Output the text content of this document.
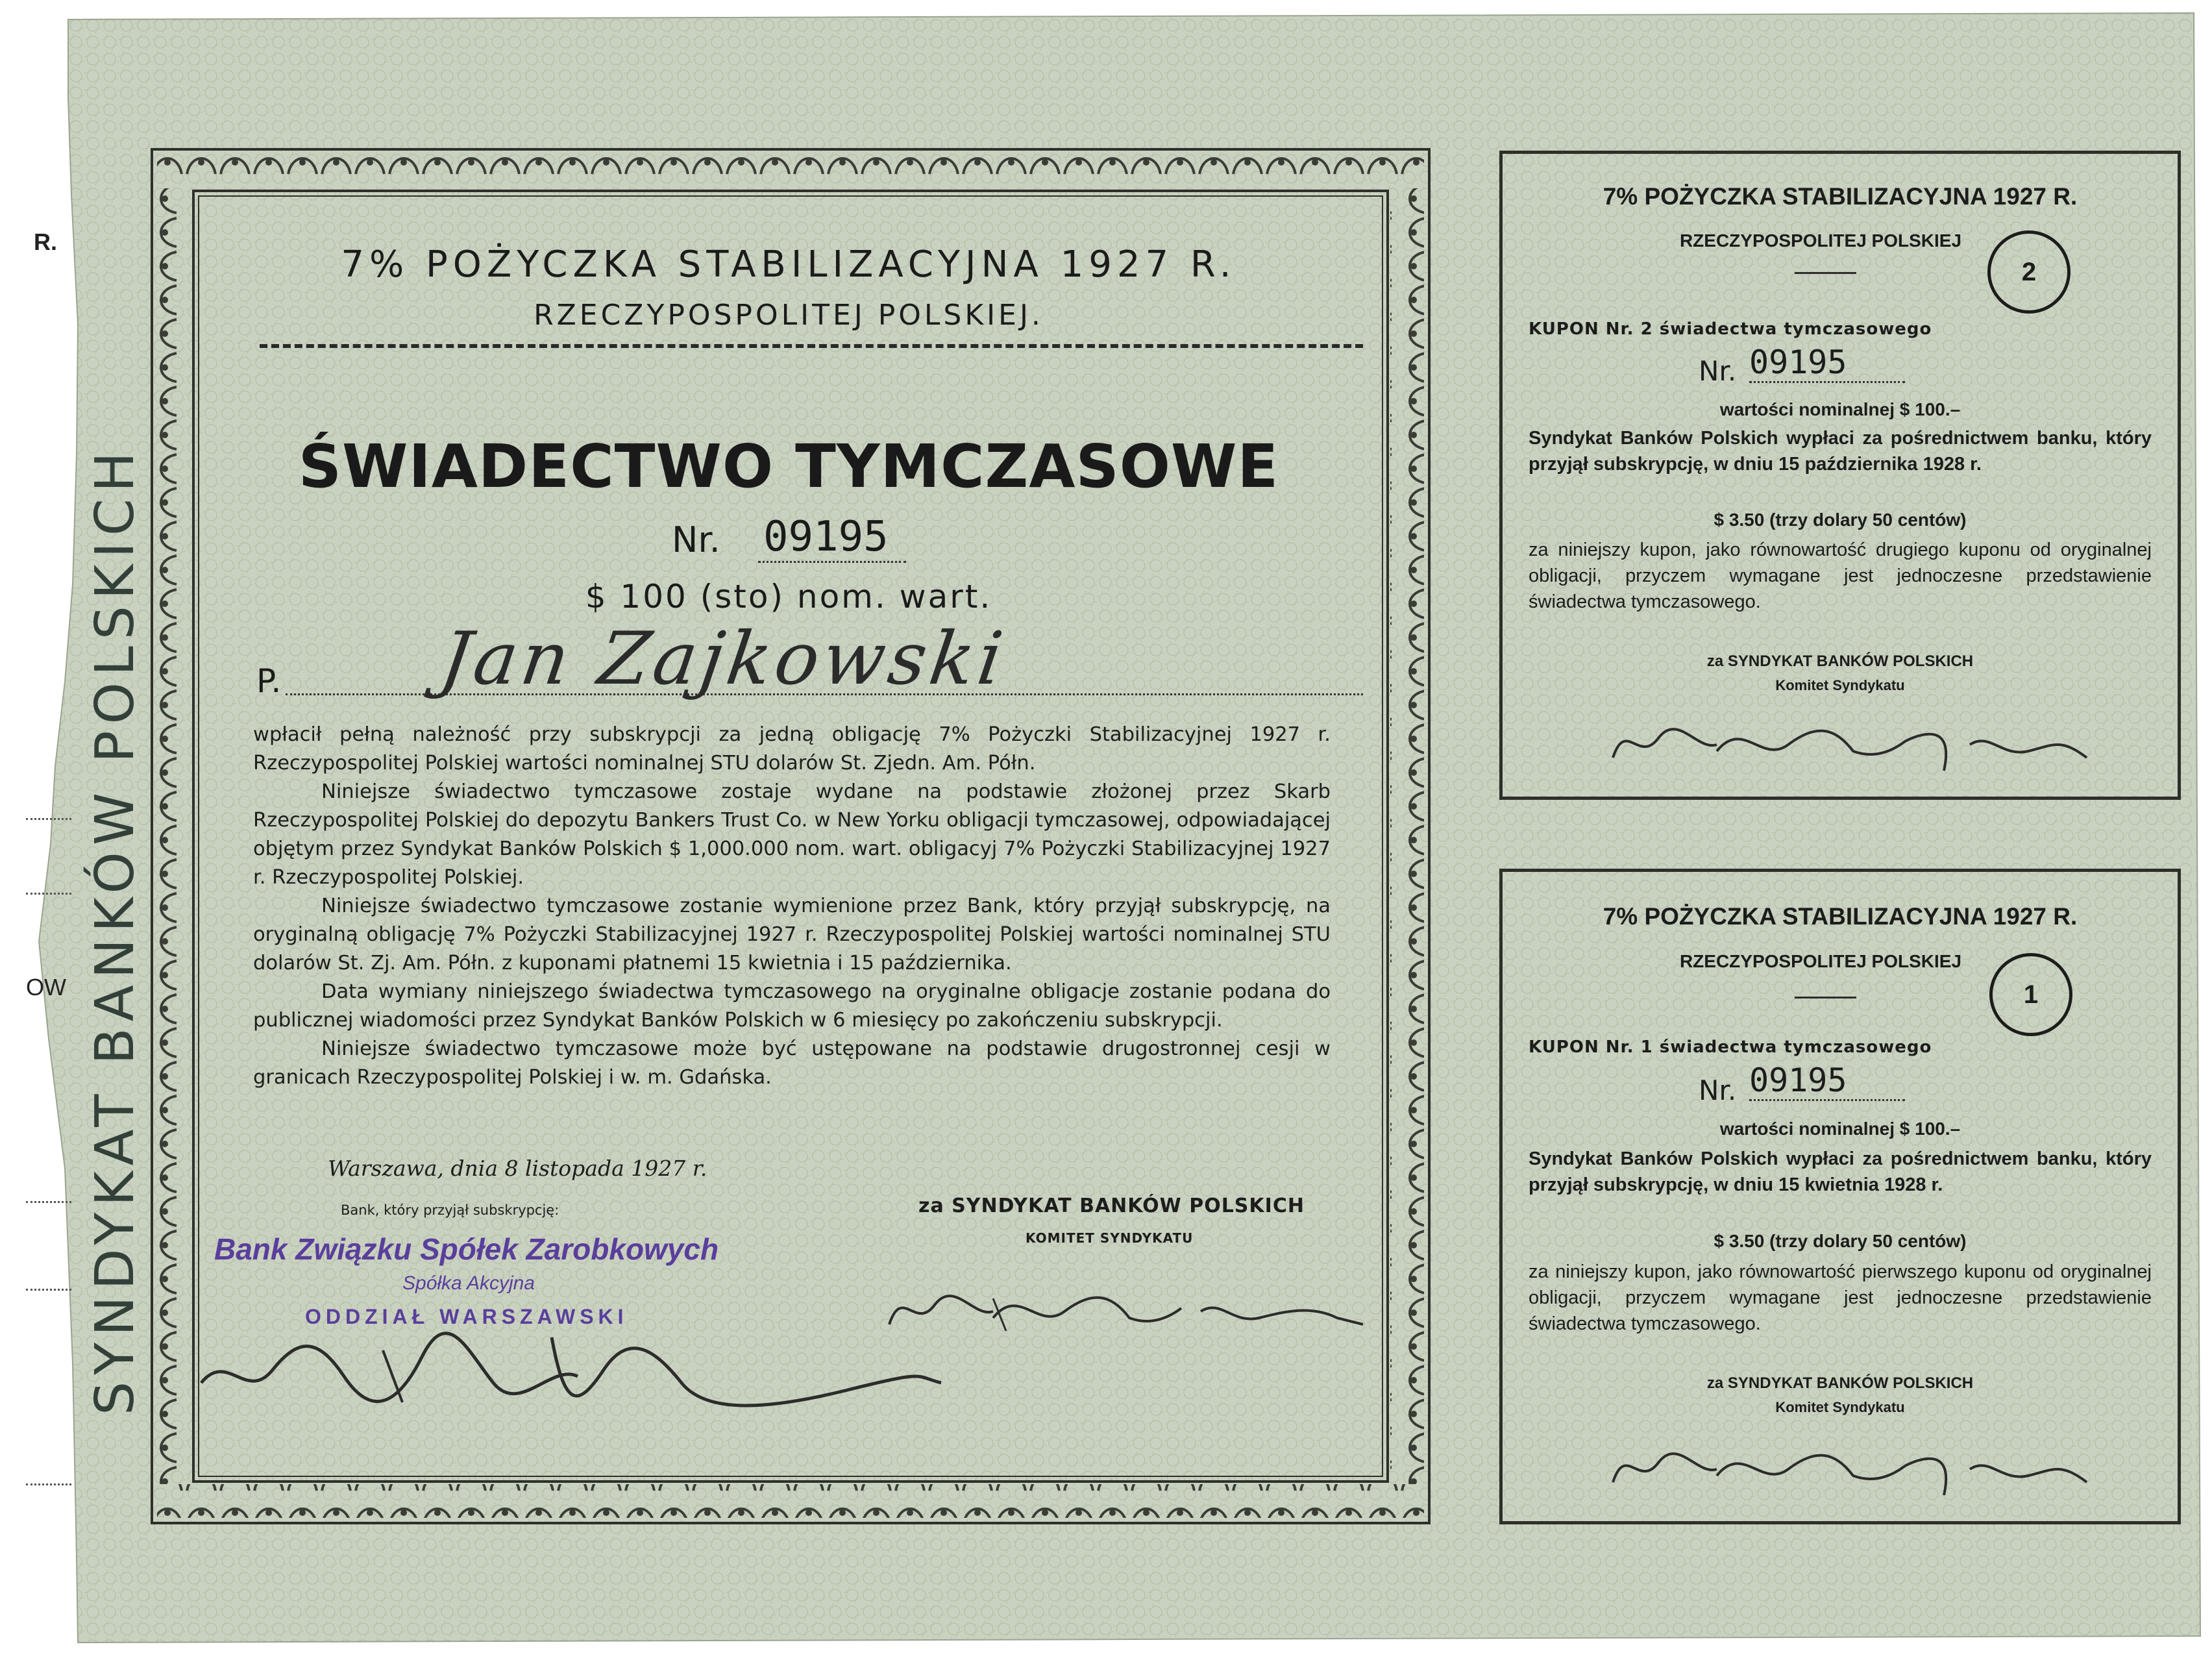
R.
OW SYNDYKAT BANKÓW POLSKICH
7% POŻYCZKA STABILIZACYJNA 1927 R.
RZECZYPOSPOLITEJ POLSKIEJ.
ŚWIADECTWO TYMCZASOWE
Nr. 09195
$ 100 (sto) nom. wart.
P. Jan Zajkowski

wpłacił pełną należność przy subskrypcji za jedną obligację 7% Pożyczki Stabilizacyjnej 1927 r. Rzeczypospolitej Polskiej wartości nominalnej STU dolarów St. Zjedn. Am. Półn.

Niniejsze świadectwo tymczasowe zostaje wydane na podstawie złożonej przez Skarb Rzeczypospolitej Polskiej do depozytu Bankers Trust Co. w New Yorku obligacji tymczasowej, odpowiadającej objętym przez Syndykat Banków Polskich $ 1,000.000 nom. wart. obligacyj 7% Pożyczki Stabilizacyjnej 1927 r. Rzeczypospolitej Polskiej.

Niniejsze świadectwo tymczasowe zostanie wymienione przez Bank, który przyjął subskrypcję, na oryginalną obligację 7% Pożyczki Stabilizacyjnej 1927 r. Rzeczypospolitej Polskiej wartości nominalnej STU dolarów St. Zj. Am. Półn. z kuponami płatnemi 15 kwietnia i 15 października.

Data wymiany niniejszego świadectwa tymczasowego na oryginalne obligacje zostanie podana do publicznej wiadomości przez Syndykat Banków Polskich w 6 miesięcy po zakończeniu subskrypcji.

Niniejsze świadectwo tymczasowe może być ustępowane na podstawie drugostronnej cesji w granicach Rzeczypospolitej Polskiej i w. m. Gdańska.

Warszawa, dnia 8 listopada 1927 r.
Bank, który przyjął subskrypcję:
Bank Związku Spółek Zarobkowych
Spółka Akcyjna
ODDZIAŁ WARSZAWSKI
za SYNDYKAT BANKÓW POLSKICH
KOMITET SYNDYKATU
7% POŻYCZKA STABILIZACYJNA 1927 R.
RZECZYPOSPOLITEJ POLSKIEJ
2
KUPON Nr. 2 świadectwa tymczasowego
Nr. 09195
wartości nominalnej $ 100.–
Syndykat Banków Polskich wypłaci za pośrednictwem banku, który przyjął subskrypcję, w dniu 15 października 1928 r.
$ 3.50 (trzy dolary 50 centów)
za niniejszy kupon, jako równowartość drugiego kuponu od oryginalnej obligacji, przyczem wymagane jest jednoczesne przedstawienie świadectwa tymczasowego.
za SYNDYKAT BANKÓW POLSKICH
Komitet Syndykatu
7% POŻYCZKA STABILIZACYJNA 1927 R.
RZECZYPOSPOLITEJ POLSKIEJ
1
KUPON Nr. 1 świadectwa tymczasowego
Nr. 09195
wartości nominalnej $ 100.–
Syndykat Banków Polskich wypłaci za pośrednictwem banku, który przyjął subskrypcję, w dniu 15 kwietnia 1928 r.
$ 3.50 (trzy dolary 50 centów)
za niniejszy kupon, jako równowartość pierwszego kuponu od oryginalnej obligacji, przyczem wymagane jest jednoczesne przedstawienie świadectwa tymczasowego.
za SYNDYKAT BANKÓW POLSKICH
Komitet Syndykatu
